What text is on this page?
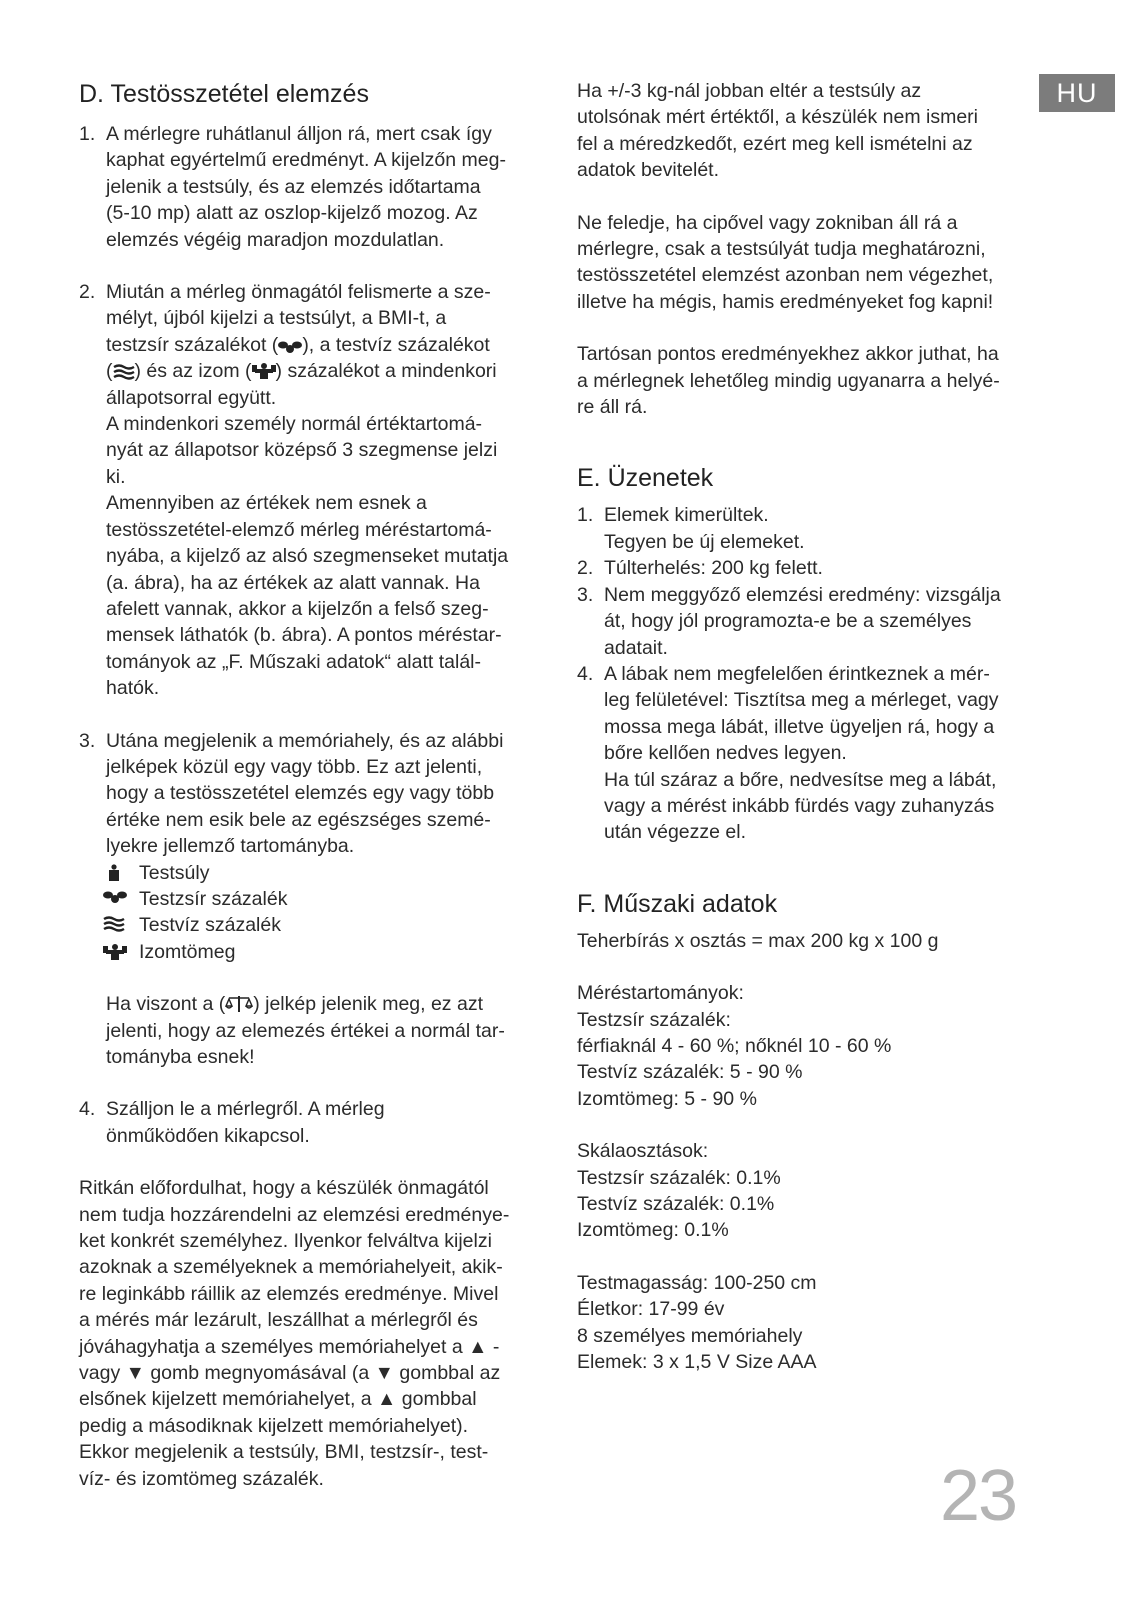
HU
23
D. Testösszetétel elemzés
1. A mérlegre ruhátlanul álljon rá, mert csak így
kaphat egyértelmű eredményt. A kijelzőn meg-
jelenik a testsúly, és az elemzés időtartama
(5-10 mp) alatt az oszlop-kijelző mozog. Az
elemzés végéig maradjon mozdulatlan.
2. Miután a mérleg önmagától felismerte a sze-
mélyt, újból kijelzi a testsúlyt, a BMI-t, a
testzsír százalékot ( ), a testvíz százalékot
( ) és az izom ( ) százalékot a mindenkori
állapotsorral együtt.
A mindenkori személy normál értéktartomá-
nyát az állapotsor középső 3 szegmense jelzi
ki.
Amennyiben az értékek nem esnek a
testösszetétel-elemző mérleg méréstartomá-
nyába, a kijelző az alsó szegmenseket mutatja
(a. ábra), ha az értékek az alatt vannak. Ha
afelett vannak, akkor a kijelzőn a felső szeg-
mensek láthatók (b. ábra). A pontos méréstar-
tományok az „F. Műszaki adatok“ alatt talál-
hatók.
3. Utána megjelenik a memóriahely, és az alábbi
jelképek közül egy vagy több. Ez azt jelenti,
hogy a testösszetétel elemzés egy vagy több
értéke nem esik bele az egészséges szemé-
lyekre jellemző tartományba.
Testsúly
Testzsír százalék
Testvíz százalék
Izomtömeg
Ha viszont a ( ) jelkép jelenik meg, ez azt
jelenti, hogy az elemezés értékei a normál tar-
tományba esnek!
4. Szálljon le a mérlegről. A mérleg
önműködően kikapcsol.

Ritkán előfordulhat, hogy a készülék önmagától
nem tudja hozzárendelni az elemzési eredménye-
ket konkrét személyhez. Ilyenkor felváltva kijelzi
azoknak a személyeknek a memóriahelyeit, akik-
re leginkább ráillik az elemzés eredménye. Mivel
a mérés már lezárult, leszállhat a mérlegről és
jóváhagyhatja a személyes memóriahelyet a ▲ -
vagy ▼ gomb megnyomásával (a ▼ gombbal az
elsőnek kijelzett memóriahelyet, a ▲ gombbal
pedig a másodiknak kijelzett memóriahelyet).
Ekkor megjelenik a testsúly, BMI, testzsír-, test-
víz- és izomtömeg százalék.

Ha +/-3 kg-nál jobban eltér a testsúly az
utolsónak mért értéktől, a készülék nem ismeri
fel a méredzkedőt, ezért meg kell ismételni az
adatok bevitelét.

Ne feledje, ha cipővel vagy zokniban áll rá a
mérlegre, csak a testsúlyát tudja meghatározni,
testösszetétel elemzést azonban nem végezhet,
illetve ha mégis, hamis eredményeket fog kapni!

Tartósan pontos eredményekhez akkor juthat, ha
a mérlegnek lehetőleg mindig ugyanarra a helyé-
re áll rá.

E. Üzenetek
1. Elemek kimerültek.
Tegyen be új elemeket.
2. Túlterhelés: 200 kg felett.
3. Nem meggyőző elemzési eredmény: vizsgálja
át, hogy jól programozta-e be a személyes
adatait.
4. A lábak nem megfelelően érintkeznek a mér-
leg felületével: Tisztítsa meg a mérleget, vagy
mossa mega lábát, illetve ügyeljen rá, hogy a
bőre kellően nedves legyen.
Ha túl száraz a bőre, nedvesítse meg a lábát,
vagy a mérést inkább fürdés vagy zuhanyzás
után végezze el.
F. Műszaki adatok

Teherbírás x osztás = max 200 kg x 100 g

Méréstartományok:
Testzsír százalék:
férfiaknál 4 - 60 %; nőknél 10 - 60 %
Testvíz százalék: 5 - 90 %
Izomtömeg: 5 - 90 %

Skálaosztások:
Testzsír százalék: 0.1%
Testvíz százalék: 0.1%
Izomtömeg: 0.1%

Testmagasság: 100-250 cm
Életkor: 17-99 év
8 személyes memóriahely
Elemek: 3 x 1,5 V Size AAA
